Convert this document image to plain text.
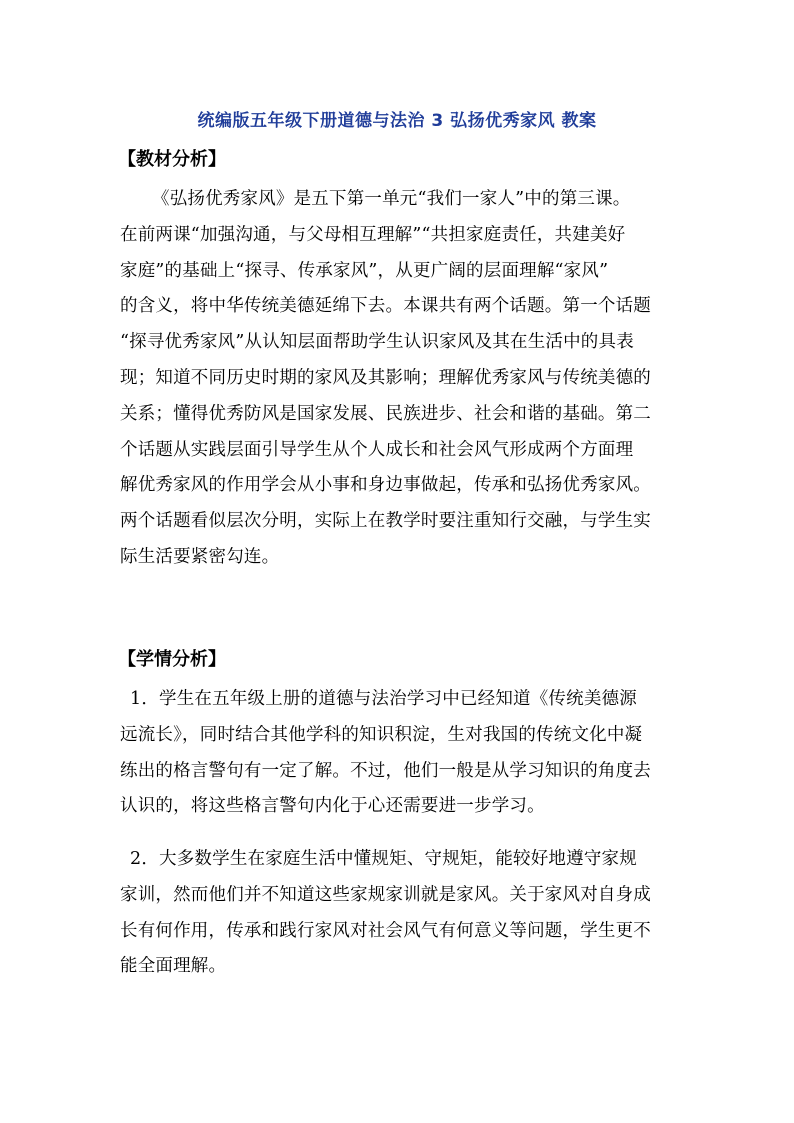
统编版五年级下册道德与法治 3 弘扬优秀家风 教案
【教材分析】
《弘扬优秀家风》是五下第一单元“我们一家人”中的第三课。
在前两课“加强沟通，与父母相互理解”“共担家庭责任，共建美好
家庭”的基础上“探寻、传承家风”，从更广阔的层面理解“家风”
的含义，将中华传统美德延绵下去。本课共有两个话题。第一个话题
“探寻优秀家风”从认知层面帮助学生认识家风及其在生活中的具表
现；知道不同历史时期的家风及其影响；理解优秀家风与传统美德的
关系；懂得优秀防风是国家发展、民族进步、社会和谐的基础。第二
个话题从实践层面引导学生从个人成长和社会风气形成两个方面理
解优秀家风的作用学会从小事和身边事做起，传承和弘扬优秀家风。
两个话题看似层次分明，实际上在教学时要注重知行交融，与学生实
际生活要紧密勾连。
【学情分析】
1．学生在五年级上册的道德与法治学习中已经知道《传统美德源
远流长》，同时结合其他学科的知识积淀，生对我国的传统文化中凝
练出的格言警句有一定了解。不过，他们一般是从学习知识的角度去
认识的，将这些格言警句内化于心还需要进一步学习。
2．大多数学生在家庭生活中懂规矩、守规矩，能较好地遵守家规
家训，然而他们并不知道这些家规家训就是家风。关于家风对自身成
长有何作用，传承和践行家风对社会风气有何意义等问题，学生更不
能全面理解。
